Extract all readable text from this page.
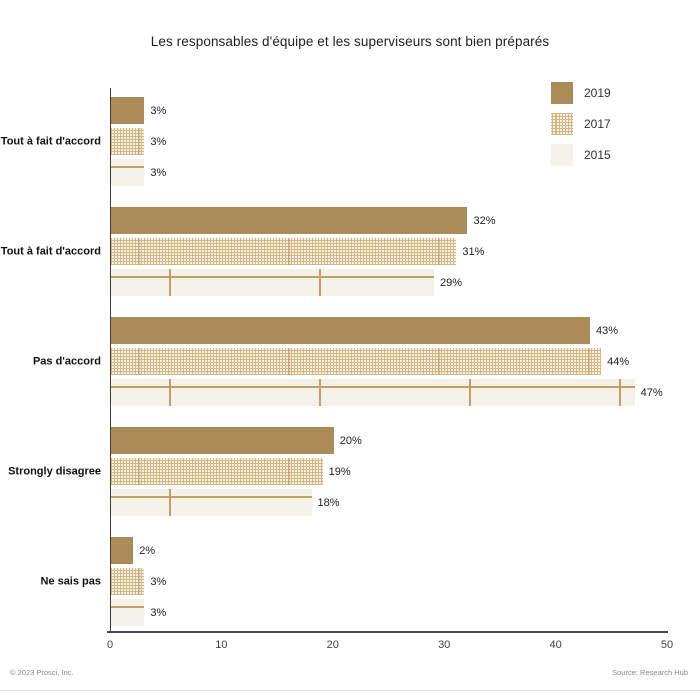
Les responsables d'équipe et les superviseurs sont bien préparés
2019
2017
2015
Tout à fait d'accord
3%
3%
3%
Tout à fait d'accord
32%
31%
29%
Pas d'accord
43%
44%
47%
Strongly disagree
20%
19%
18%
Ne sais pas
2%
3%
3%
0	10	20	30	40	50
© 2023 Prosci, Inc.	Source: Research Hub
